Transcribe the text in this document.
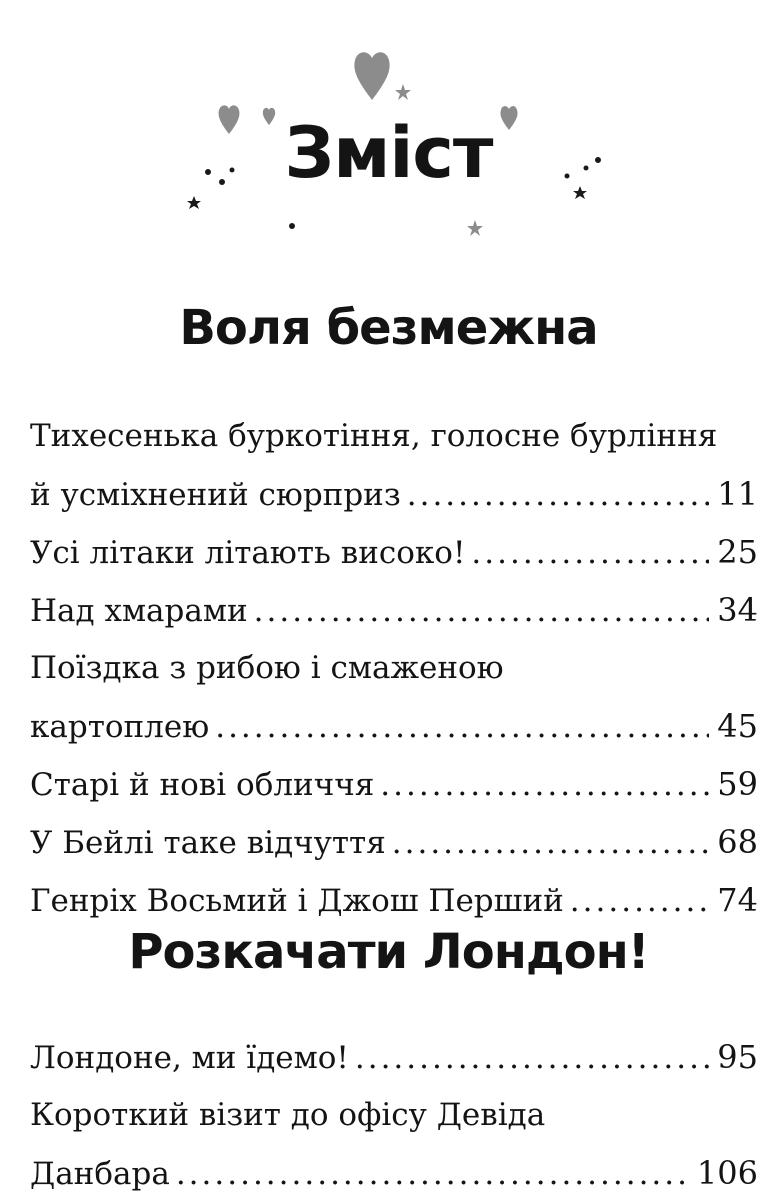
Зміст
Воля безмежна
Тихесенька буркотіння, голосне бурління
й усміхнений сюрприз .....	11
Усі літаки літають високо! .....	25
Над хмарами .....	34
Поїздка з рибою і смаженою
картоплею .....	45
Старі й нові обличчя .....	59
У Бейлі таке відчуття .....	68
Генріх Восьмий і Джош Перший .....	74
Розкачати Лондон!
Лондоне, ми їдемо! .....	95
Короткий візит до офісу Девіда
Данбара .....	106
